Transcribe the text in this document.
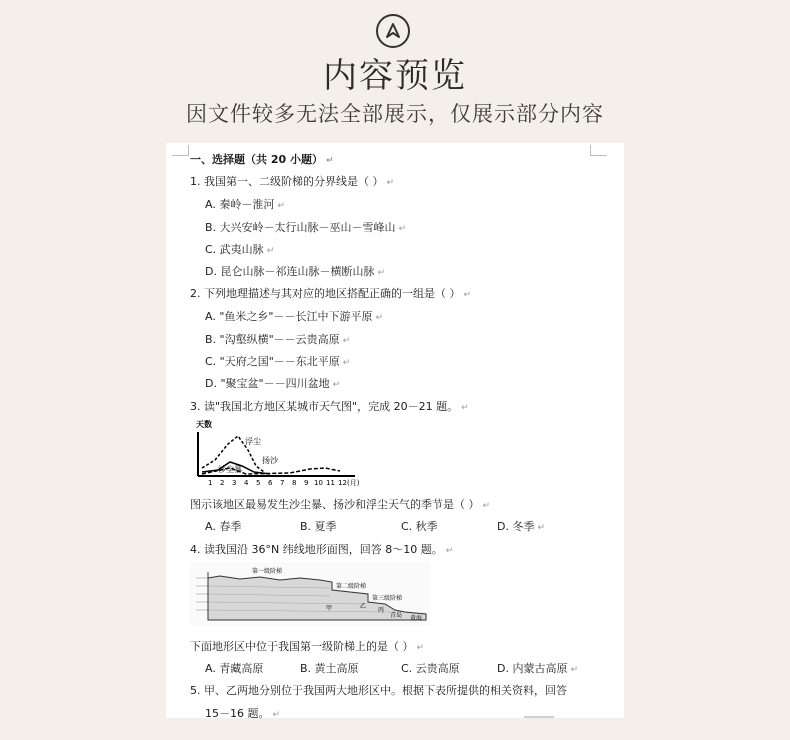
内容预览
因文件较多无法全部展示，仅展示部分内容
一、选择题（共 20 小题） ↵
1. 我国第一、二级阶梯的分界线是（ ） ↵
A. 秦岭－淮河 ↵
B. 大兴安岭－太行山脉－巫山－雪峰山 ↵
C. 武夷山脉 ↵
D. 昆仑山脉－祁连山脉－横断山脉 ↵
2. 下列地理描述与其对应的地区搭配正确的一组是（ ） ↵
A. "鱼米之乡"－－长江中下游平原 ↵
B. "沟壑纵横"－－云贵高原 ↵
C. "天府之国"－－东北平原 ↵
D. "聚宝盆"－－四川盆地 ↵
3. 读"我国北方地区某城市天气图"，完成 20－21 题。 ↵
天数
浮尘
扬沙
沙尘暴
1 2 3 4 5 6 7 8 9 10 11 12 (月)
图示该地区最易发生沙尘暴、扬沙和浮尘天气的季节是（ ） ↵
A. 春季	B. 夏季	C. 秋季	D. 冬季 ↵
4. 读我国沿 36°N 纬线地形面图，回答 8～10 题。 ↵
第一级阶梯
第二级阶梯
第三级阶梯
甲	乙
丙
青岛 黄海
下面地形区中位于我国第一级阶梯上的是（ ） ↵
A. 青藏高原	B. 黄土高原	C. 云贵高原	D. 内蒙古高原 ↵
5. 甲、乙两地分别位于我国两大地形区中。根据下表所提供的相关资料，回答
15－16 题。 ↵
